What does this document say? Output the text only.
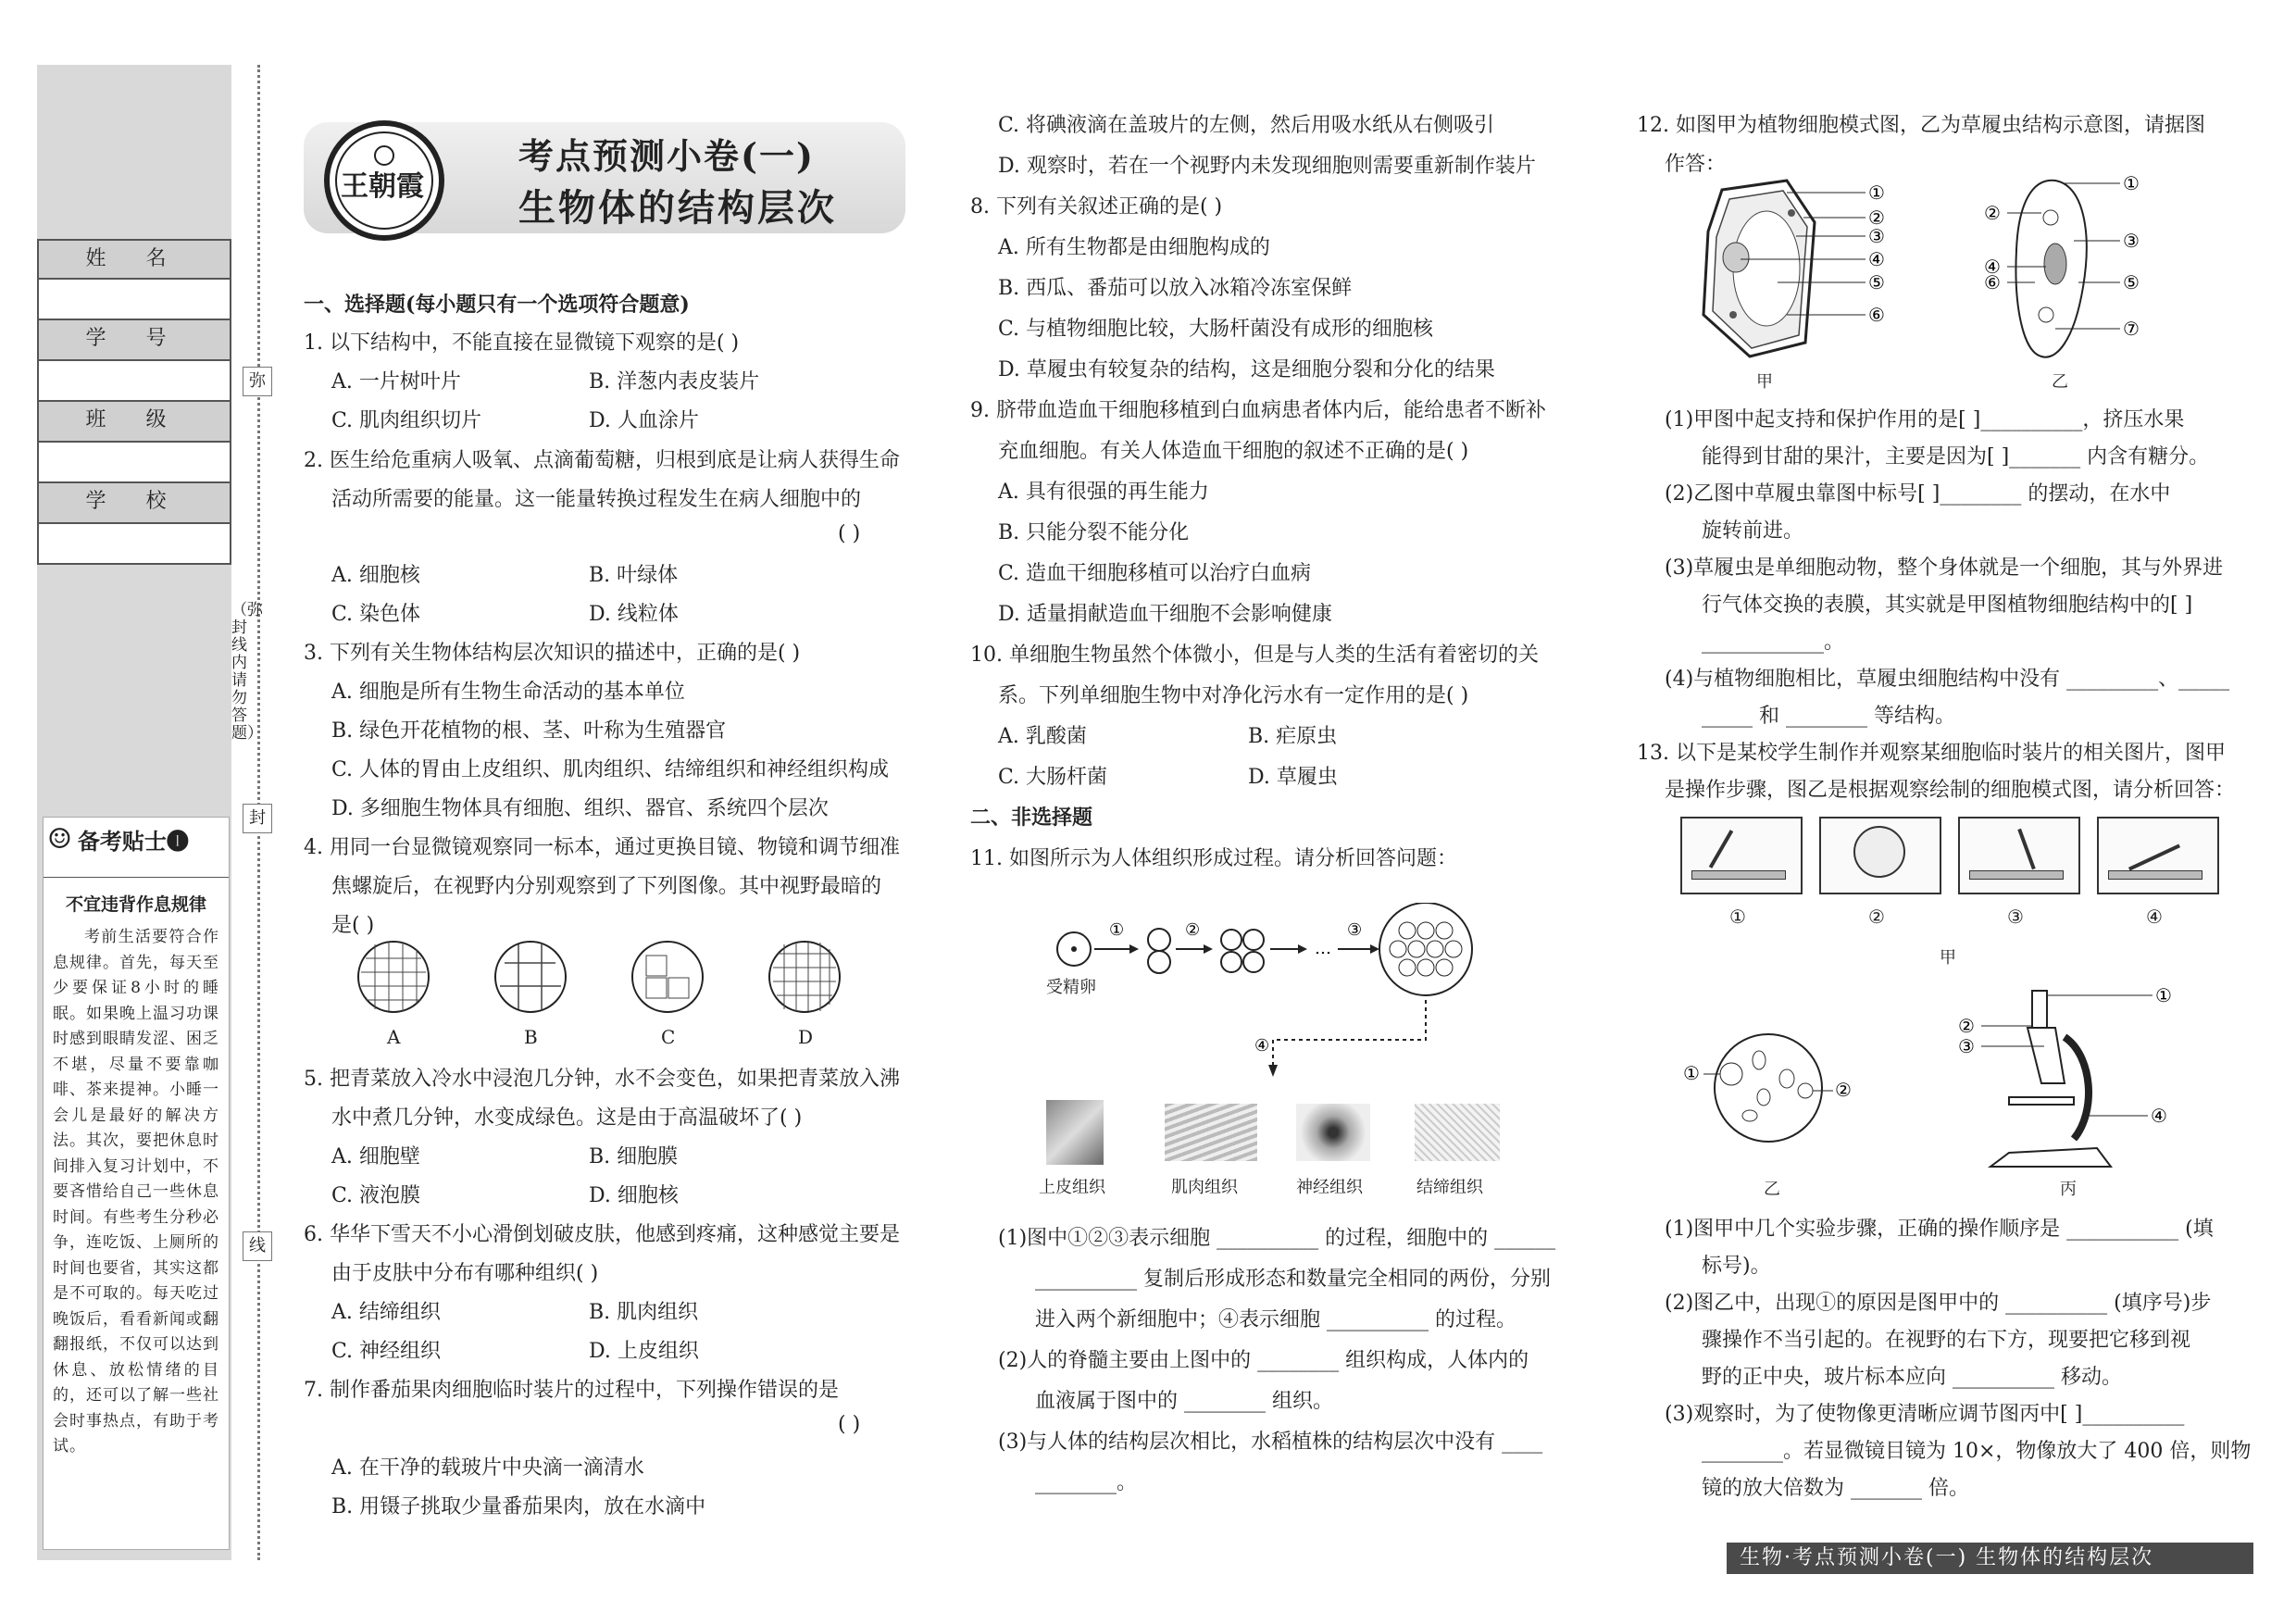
姓 名
学 号
班 级
学 校
☺ 备考贴士❶
不宜违背作息规律
考前生活要符合作息规律。首先，每天至少要保证8小时的睡眠。如果晚上温习功课时感到眼睛发涩、困乏不堪，尽量不要靠咖啡、茶来提神。小睡一会儿是最好的解决方法。其次，要把休息时间排入复习计划中，不要吝惜给自己一些休息时间。有些考生分秒必争，连吃饭、上厕所的时间也要省，其实这都是不可取的。每天吃过晚饭后，看看新闻或翻翻报纸，不仅可以达到休息、放松情绪的目的，还可以了解一些社会时事热点，有助于考试。
弥
封
线
（弥封线内请勿答题）
王朝霞
考点预测小卷(一)
生物体的结构层次
一、选择题(每小题只有一个选项符合题意)
1. 以下结构中，不能直接在显微镜下观察的是( )
A. 一片树叶片	B. 洋葱内表皮装片
C. 肌肉组织切片	D. 人血涂片
2. 医生给危重病人吸氧、点滴葡萄糖，归根到底是让病人获得生命
活动所需要的能量。这一能量转换过程发生在病人细胞中的
( )
A. 细胞核	B. 叶绿体
C. 染色体	D. 线粒体
3. 下列有关生物体结构层次知识的描述中，正确的是( )
A. 细胞是所有生物生命活动的基本单位
B. 绿色开花植物的根、茎、叶称为生殖器官
C. 人体的胃由上皮组织、肌肉组织、结缔组织和神经组织构成
D. 多细胞生物体具有细胞、组织、器官、系统四个层次
4. 用同一台显微镜观察同一标本，通过更换目镜、物镜和调节细准
焦螺旋后，在视野内分别观察到了下列图像。其中视野最暗的
是( )
A	B	C	D
5. 把青菜放入冷水中浸泡几分钟，水不会变色，如果把青菜放入沸
水中煮几分钟，水变成绿色。这是由于高温破坏了( )
A. 细胞壁	B. 细胞膜
C. 液泡膜	D. 细胞核
6. 华华下雪天不小心滑倒划破皮肤，他感到疼痛，这种感觉主要是
由于皮肤中分布有哪种组织( )
A. 结缔组织	B. 肌肉组织
C. 神经组织	D. 上皮组织
7. 制作番茄果肉细胞临时装片的过程中，下列操作错误的是
( )
A. 在干净的载玻片中央滴一滴清水
B. 用镊子挑取少量番茄果肉，放在水滴中
C. 将碘液滴在盖玻片的左侧，然后用吸水纸从右侧吸引
D. 观察时，若在一个视野内未发现细胞则需要重新制作装片
8. 下列有关叙述正确的是( )
A. 所有生物都是由细胞构成的
B. 西瓜、番茄可以放入冰箱冷冻室保鲜
C. 与植物细胞比较，大肠杆菌没有成形的细胞核
D. 草履虫有较复杂的结构，这是细胞分裂和分化的结果
9. 脐带血造血干细胞移植到白血病患者体内后，能给患者不断补
充血细胞。有关人体造血干细胞的叙述不正确的是( )
A. 具有很强的再生能力
B. 只能分裂不能分化
C. 造血干细胞移植可以治疗白血病
D. 适量捐献造血干细胞不会影响健康
10. 单细胞生物虽然个体微小，但是与人类的生活有着密切的关
系。下列单细胞生物中对净化污水有一定作用的是( )
A. 乳酸菌	B. 疟原虫
C. 大肠杆菌	D. 草履虫
二、非选择题
11. 如图所示为人体组织形成过程。请分析回答问题：
①	②
…
③
④
受精卵
上皮组织	肌肉组织	神经组织	结缔组织
(1)图中①②③表示细胞 __________ 的过程，细胞中的 ______
__________ 复制后形成形态和数量完全相同的两份，分别
进入两个新细胞中；④表示细胞 __________ 的过程。
(2)人的脊髓主要由上图中的 ________ 组织构成，人体内的
血液属于图中的 ________ 组织。
(3)与人体的结构层次相比，水稻植株的结构层次中没有 ____
________。
12. 如图甲为植物细胞模式图，乙为草履虫结构示意图，请据图
作答：
①
②
③
④
⑤
⑥
①
②
③
④
⑥	⑤
⑦
甲	乙
(1)甲图中起支持和保护作用的是[ ]__________，挤压水果
能得到甘甜的果汁，主要是因为[ ]_______ 内含有糖分。
(2)乙图中草履虫靠图中标号[ ]________ 的摆动，在水中
旋转前进。
(3)草履虫是单细胞动物，整个身体就是一个细胞，其与外界进
行气体交换的表膜，其实就是甲图植物细胞结构中的[ ]
____________。
(4)与植物细胞相比，草履虫细胞结构中没有 _________、_____
_____ 和 ________ 等结构。
13. 以下是某校学生制作并观察某细胞临时装片的相关图片，图甲
是操作步骤，图乙是根据观察绘制的细胞模式图，请分析回答：
①	②	③	④
甲
①
②
①
②
③
④
乙	丙
(1)图甲中几个实验步骤，正确的操作顺序是 ___________ (填
标号)。
(2)图乙中，出现①的原因是图甲中的 __________ (填序号)步
骤操作不当引起的。在视野的右下方，现要把它移到视
野的正中央，玻片标本应向 __________ 移动。
(3)观察时，为了使物像更清晰应调节图丙中[ ]__________
________。若显微镜目镜为 10×，物像放大了 400 倍，则物
镜的放大倍数为 _______ 倍。
生物·考点预测小卷(一) 生物体的结构层次
